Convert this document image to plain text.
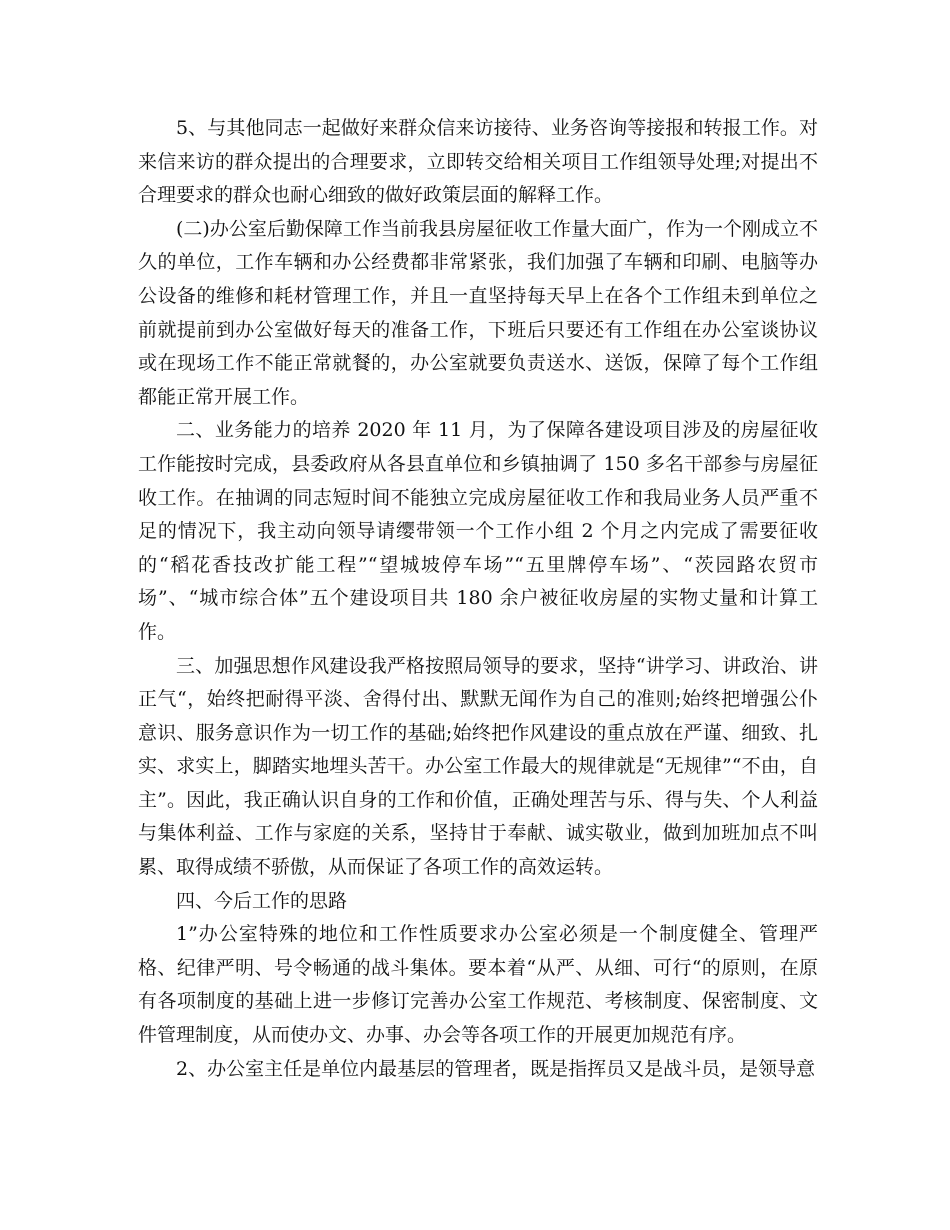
5、与其他同志一起做好来群众信来访接待、业务咨询等接报和转报工作。对来信来访的群众提出的合理要求，立即转交给相关项目工作组领导处理;对提出不合理要求的群众也耐心细致的做好政策层面的解释工作。

(二)办公室后勤保障工作当前我县房屋征收工作量大面广，作为一个刚成立不久的单位，工作车辆和办公经费都非常紧张，我们加强了车辆和印刷、电脑等办公设备的维修和耗材管理工作，并且一直坚持每天早上在各个工作组未到单位之前就提前到办公室做好每天的准备工作，下班后只要还有工作组在办公室谈协议或在现场工作不能正常就餐的，办公室就要负责送水、送饭，保障了每个工作组都能正常开展工作。

二、业务能力的培养 2020 年 11 月，为了保障各建设项目涉及的房屋征收工作能按时完成，县委政府从各县直单位和乡镇抽调了 150 多名干部参与房屋征收工作。在抽调的同志短时间不能独立完成房屋征收工作和我局业务人员严重不足的情况下，我主动向领导请缨带领一个工作小组 2 个月之内完成了需要征收的“稻花香技改扩能工程”“望城坡停车场”“五里牌停车场”、“茨园路农贸市场”、“城市综合体”五个建设项目共 180 余户被征收房屋的实物丈量和计算工作。

三、加强思想作风建设我严格按照局领导的要求，坚持“讲学习、讲政治、讲正气“，始终把耐得平淡、舍得付出、默默无闻作为自己的准则;始终把增强公仆意识、服务意识作为一切工作的基础;始终把作风建设的重点放在严谨、细致、扎实、求实上，脚踏实地埋头苦干。办公室工作最大的规律就是“无规律”“不由，自主”。因此，我正确认识自身的工作和价值，正确处理苦与乐、得与失、个人利益与集体利益、工作与家庭的关系，坚持甘于奉献、诚实敬业，做到加班加点不叫累、取得成绩不骄傲，从而保证了各项工作的高效运转。

四、今后工作的思路

1”办公室特殊的地位和工作性质要求办公室必须是一个制度健全、管理严格、纪律严明、号令畅通的战斗集体。要本着“从严、从细、可行“的原则，在原有各项制度的基础上进一步修订完善办公室工作规范、考核制度、保密制度、文件管理制度，从而使办文、办事、办会等各项工作的开展更加规范有序。

2、办公室主任是单位内最基层的管理者，既是指挥员又是战斗员，是领导意
